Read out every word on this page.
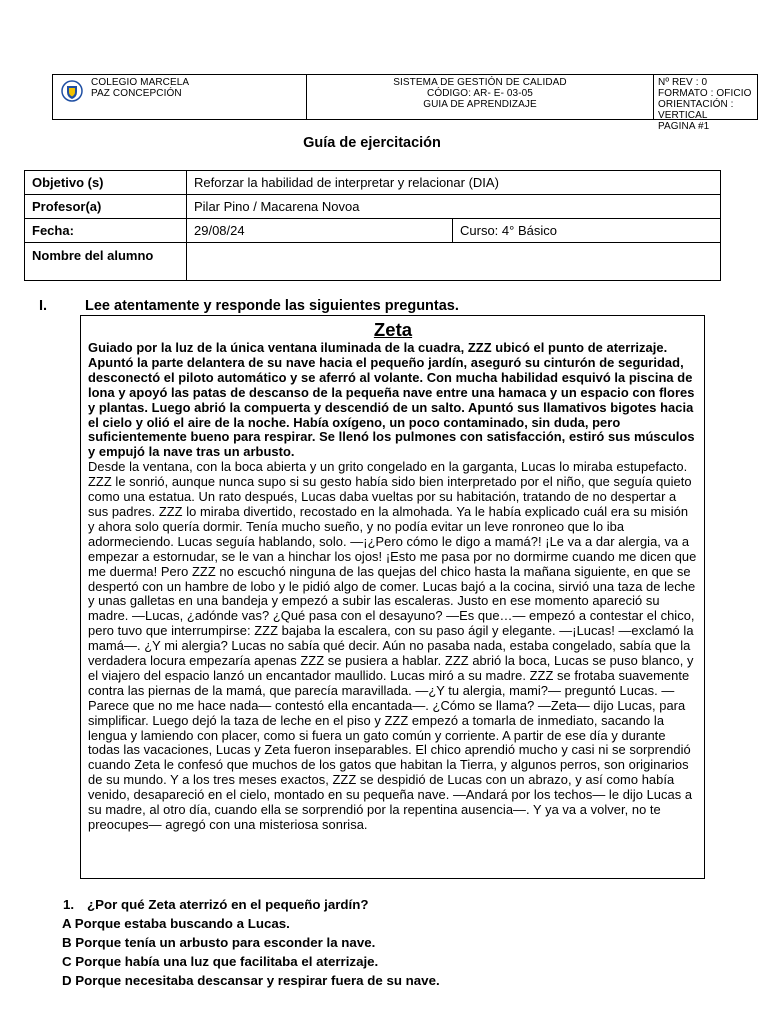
COLEGIO MARCELA
PAZ CONCEPCIÓN
SISTEMA DE GESTIÓN DE CALIDAD
CÓDIGO: AR- E- 03-05
GUIA DE APRENDIZAJE
Nº REV : 0
FORMATO : OFICIO
ORIENTACIÓN : VERTICAL
PAGINA #1
Guía de ejercitación
Objetivo (s)	Reforzar la habilidad de interpretar y relacionar (DIA)	
Profesor(a)	Pilar Pino / Macarena Novoa	
Fecha:	29/08/24	Curso: 4° Básico
Nombre del alumno		
I.	Lee atentamente y responde las siguientes preguntas.
Zeta

Guiado por la luz de la única ventana iluminada de la cuadra, ZZZ ubicó el punto de aterrizaje. Apuntó la parte delantera de su nave hacia el pequeño jardín, aseguró su cinturón de seguridad, desconectó el piloto automático y se aferró al volante. Con mucha habilidad esquivó la piscina de lona y apoyó las patas de descanso de la pequeña nave entre una hamaca y un espacio con flores y plantas. Luego abrió la compuerta y descendió de un salto. Apuntó sus llamativos bigotes hacia el cielo y olió el aire de la noche. Había oxígeno, un poco contaminado, sin duda, pero suficientemente bueno para respirar. Se llenó los pulmones con satisfacción, estiró sus músculos y empujó la nave tras un arbusto.

Desde la ventana, con la boca abierta y un grito congelado en la garganta, Lucas lo miraba estupefacto. ZZZ le sonrió, aunque nunca supo si su gesto había sido bien interpretado por el niño, que seguía quieto como una estatua. Un rato después, Lucas daba vueltas por su habitación, tratando de no despertar a sus padres. ZZZ lo miraba divertido, recostado en la almohada. Ya le había explicado cuál era su misión y ahora solo quería dormir. Tenía mucho sueño, y no podía evitar un leve ronroneo que lo iba adormeciendo. Lucas seguía hablando, solo. —¡¿Pero cómo le digo a mamá?! ¡Le va a dar alergia, va a empezar a estornudar, se le van a hinchar los ojos! ¡Esto me pasa por no dormirme cuando me dicen que me duerma! Pero ZZZ no escuchó ninguna de las quejas del chico hasta la mañana siguiente, en que se despertó con un hambre de lobo y le pidió algo de comer. Lucas bajó a la cocina, sirvió una taza de leche y unas galletas en una bandeja y empezó a subir las escaleras. Justo en ese momento apareció su madre. —Lucas, ¿adónde vas? ¿Qué pasa con el desayuno? —Es que…— empezó a contestar el chico, pero tuvo que interrumpirse: ZZZ bajaba la escalera, con su paso ágil y elegante. —¡Lucas! —exclamó la mamá—. ¿Y mi alergia? Lucas no sabía qué decir. Aún no pasaba nada, estaba congelado, sabía que la verdadera locura empezaría apenas ZZZ se pusiera a hablar. ZZZ abrió la boca, Lucas se puso blanco, y el viajero del espacio lanzó un encantador maullido. Lucas miró a su madre. ZZZ se frotaba suavemente contra las piernas de la mamá, que parecía maravillada. —¿Y tu alergia, mami?— preguntó Lucas. —Parece que no me hace nada— contestó ella encantada—. ¿Cómo se llama? —Zeta— dijo Lucas, para simplificar. Luego dejó la taza de leche en el piso y ZZZ empezó a tomarla de inmediato, sacando la lengua y lamiendo con placer, como si fuera un gato común y corriente. A partir de ese día y durante todas las vacaciones, Lucas y Zeta fueron inseparables. El chico aprendió mucho y casi ni se sorprendió cuando Zeta le confesó que muchos de los gatos que habitan la Tierra, y algunos perros, son originarios de su mundo. Y a los tres meses exactos, ZZZ se despidió de Lucas con un abrazo, y así como había venido, desapareció en el cielo, montado en su pequeña nave. —Andará por los techos— le dijo Lucas a su madre, al otro día, cuando ella se sorprendió por la repentina ausencia—. Y ya va a volver, no te preocupes— agregó con una misteriosa sonrisa.

1. ¿Por qué Zeta aterrizó en el pequeño jardín?
A Porque estaba buscando a Lucas.
B Porque tenía un arbusto para esconder la nave.
C Porque había una luz que facilitaba el aterrizaje.
D Porque necesitaba descansar y respirar fuera de su nave.
